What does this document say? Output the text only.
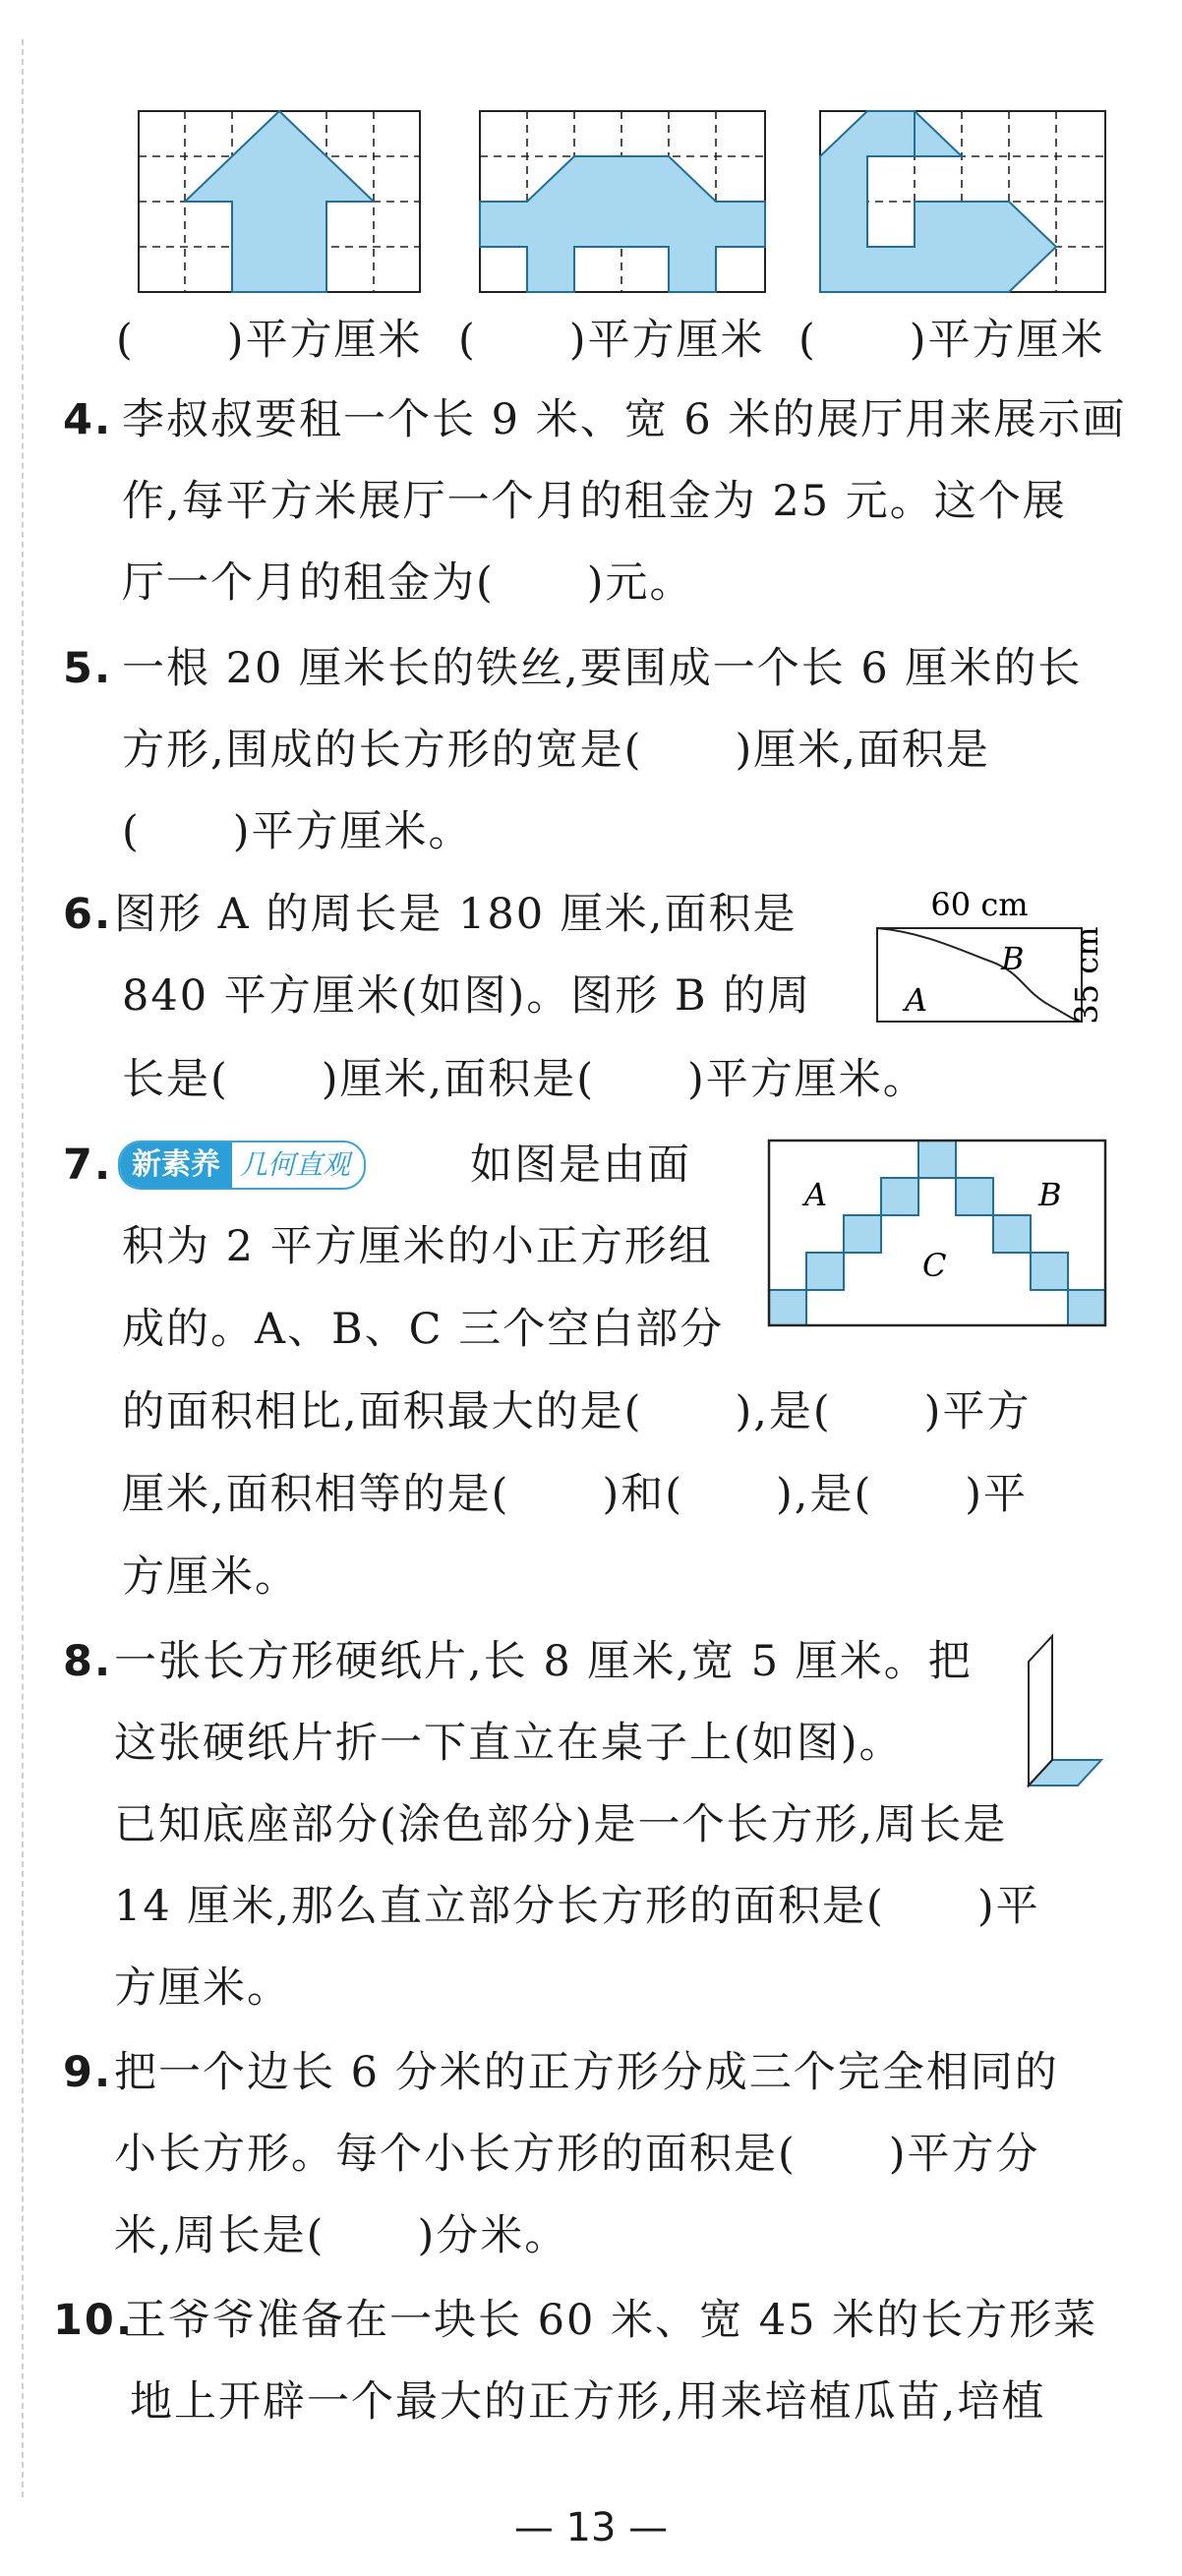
(      )平方厘米 (      )平方厘米 (      )平方厘米
4. 李叔叔要租一个长 9 米、宽 6 米的展厅用来展示画
作,每平方米展厅一个月的租金为 25 元。这个展
厅一个月的租金为(      )元。
5. 一根 20 厘米长的铁丝,要围成一个长 6 厘米的长
方形,围成的长方形的宽是(      )厘米,面积是
(      )平方厘米。
6. 图形 A 的周长是 180 厘米,面积是
840 平方厘米(如图)。图形 B 的周
长是(      )厘米,面积是(      )平方厘米。
60 cm
35 cm
A
B
7. 新素养 几何直观	如图是由面
积为 2 平方厘米的小正方形组
成的。A、B、C 三个空白部分
的面积相比,面积最大的是(      ),是(      )平方
厘米,面积相等的是(      )和(      ),是(      )平
方厘米。
A	B
C
8. 一张长方形硬纸片,长 8 厘米,宽 5 厘米。把
这张硬纸片折一下直立在桌子上(如图)。
已知底座部分(涂色部分)是一个长方形,周长是
14 厘米,那么直立部分长方形的面积是(      )平
方厘米。
9. 把一个边长 6 分米的正方形分成三个完全相同的
小长方形。每个小长方形的面积是(      )平方分
米,周长是(      )分米。
10.
王爷爷准备在一块长 60 米、宽 45 米的长方形菜
地上开辟一个最大的正方形,用来培植瓜苗,培植
— 13 —
